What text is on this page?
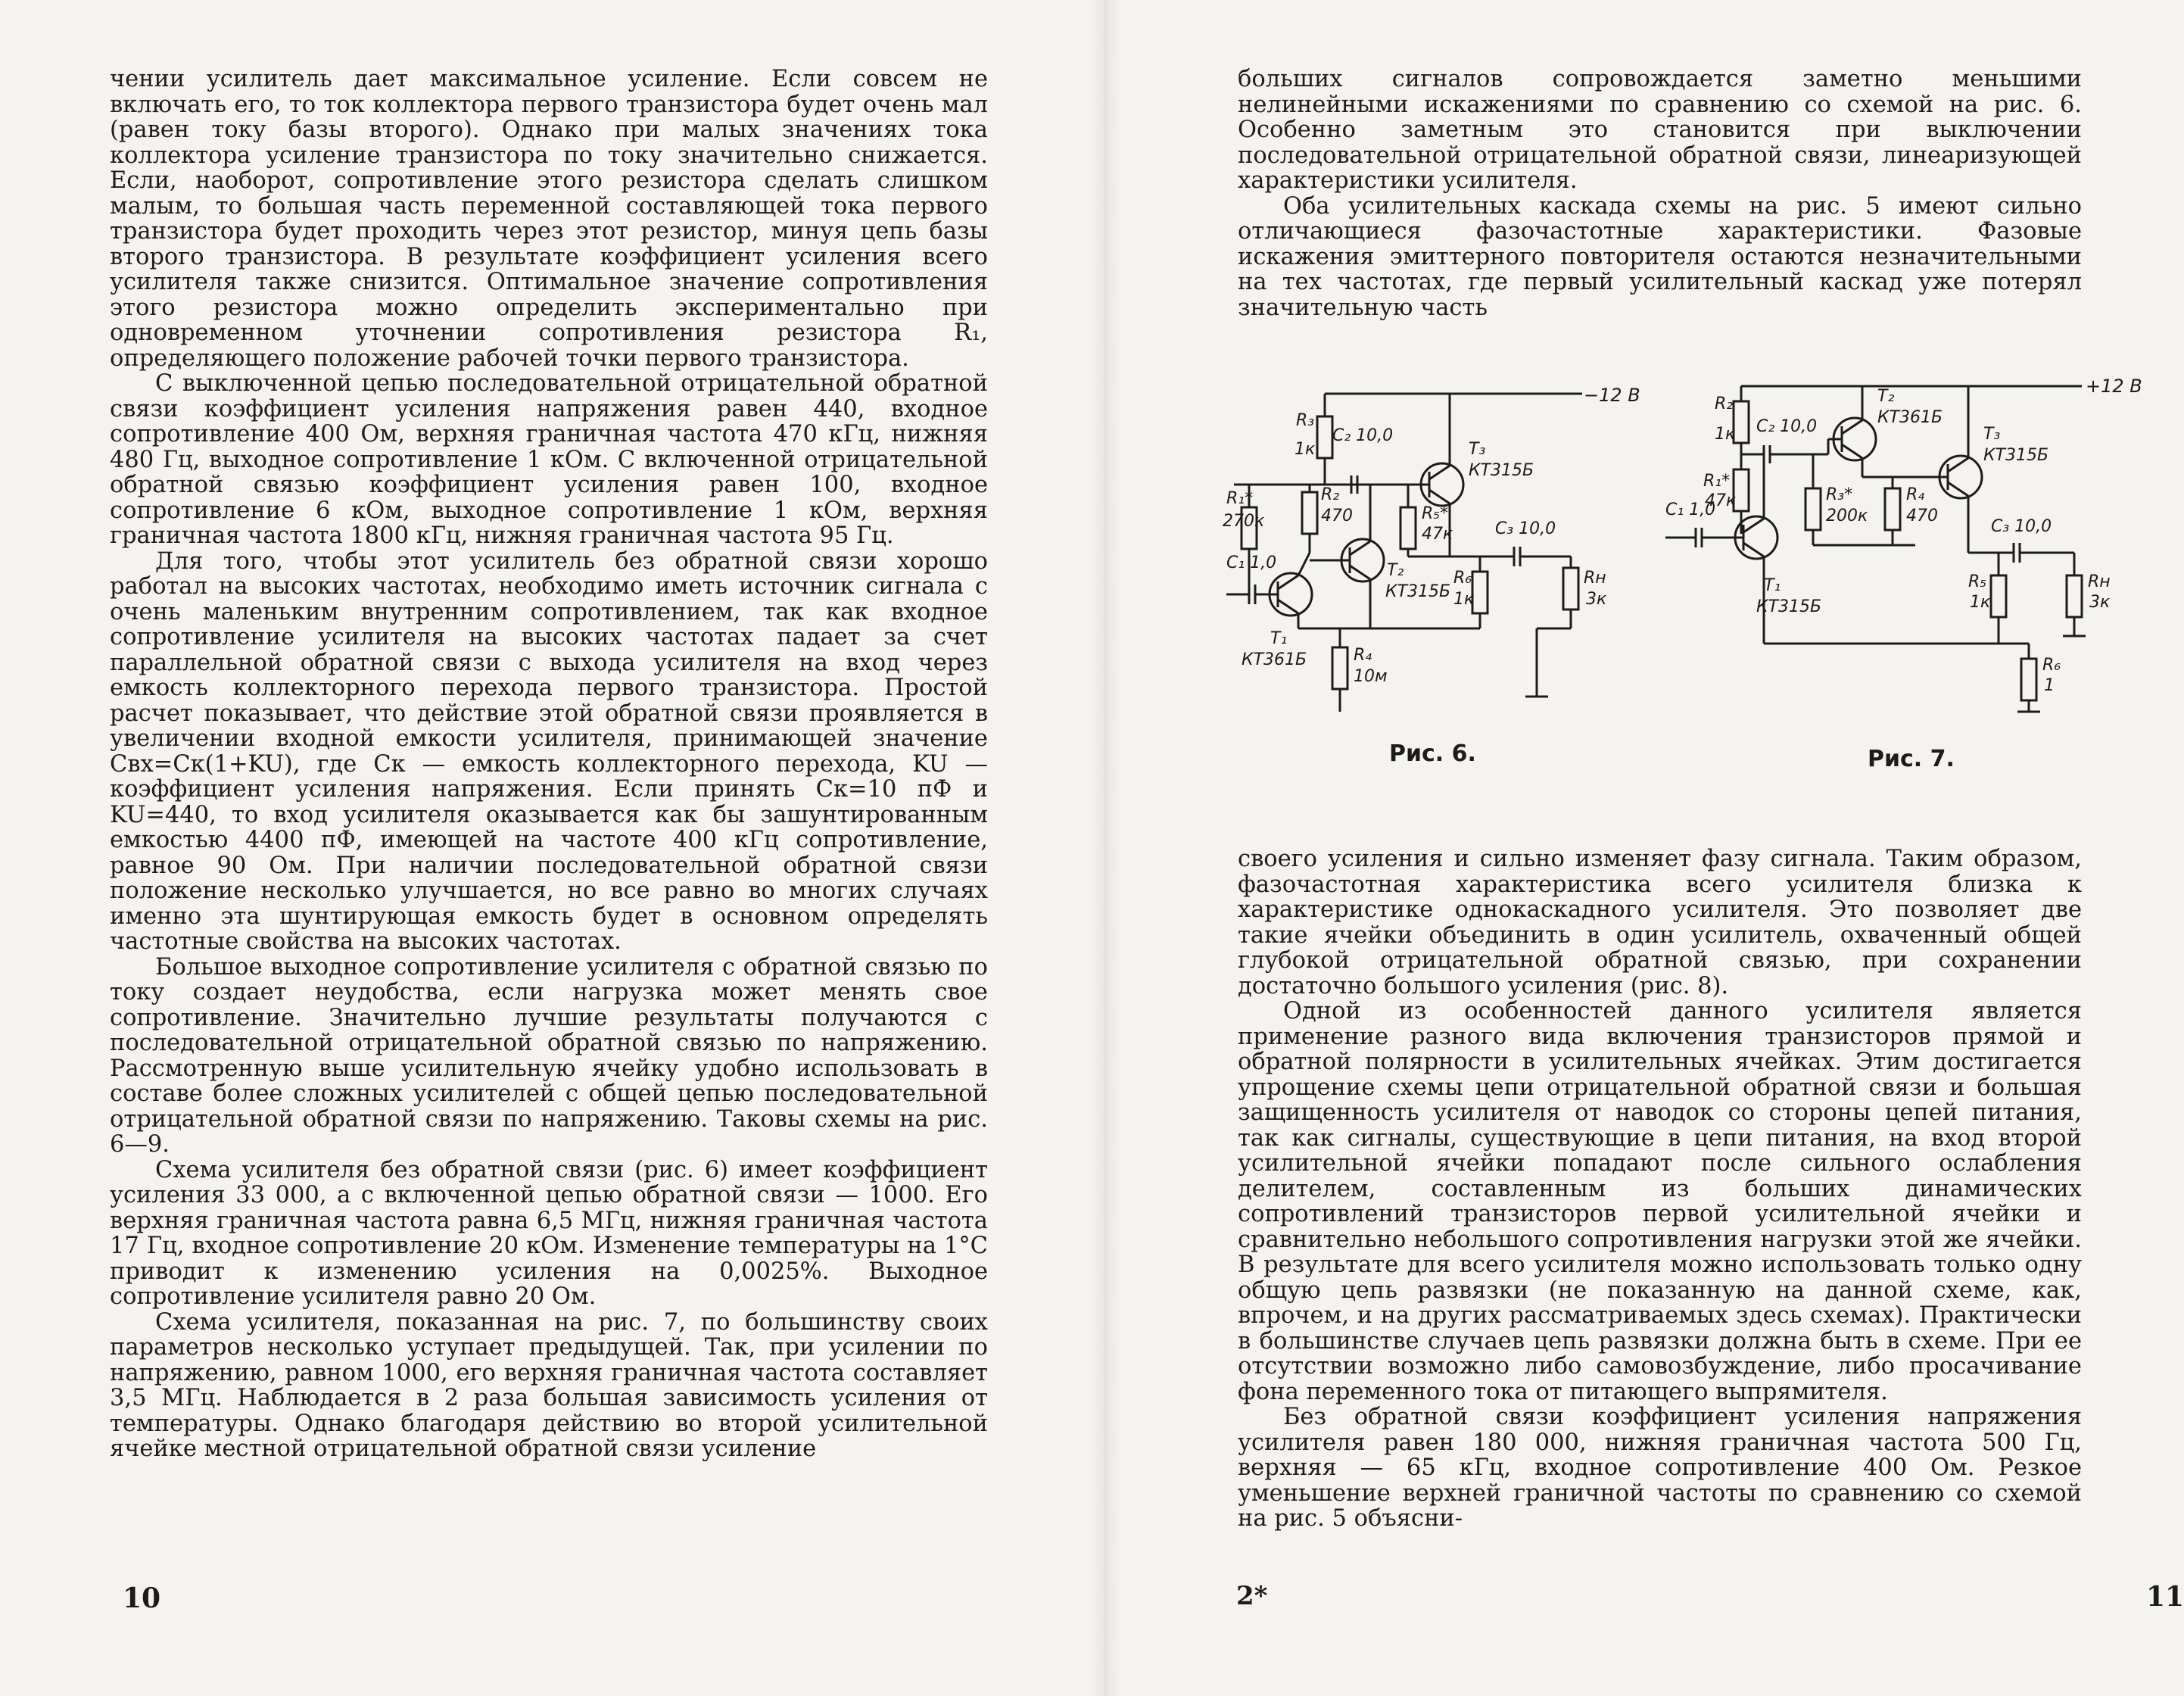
чении усилитель дает максимальное усиление. Если совсем не включать его, то ток коллектора первого транзистора будет очень мал (равен току базы второго). Однако при малых значениях тока коллектора усиление транзистора по току значительно снижается. Если, наоборот, сопротивление этого резистора сделать слишком малым, то большая часть переменной составляющей тока первого транзистора будет проходить через этот резистор, минуя цепь базы второго транзистора. В результате коэффициент усиления всего усилителя также снизится. Оптимальное значение сопротивления этого резистора можно определить экспериментально при одновременном уточнении сопротивления резистора R₁, определяющего положение рабочей точки первого транзистора.

С выключенной цепью последовательной отрицательной обратной связи коэффициент усиления напряжения равен 440, входное сопротивление 400 Ом, верхняя граничная частота 470 кГц, нижняя 480 Гц, выходное сопротивление 1 кОм. С включенной отрицательной обратной связью коэффициент усиления равен 100, входное сопротивление 6 кОм, выходное сопротивление 1 кОм, верхняя граничная частота 1800 кГц, нижняя граничная частота 95 Гц.

Для того, чтобы этот усилитель без обратной связи хорошо работал на высоких частотах, необходимо иметь источник сигнала с очень маленьким внутренним сопротивлением, так как входное сопротивление усилителя на высоких частотах падает за счет параллельной обратной связи с выхода усилителя на вход через емкость коллекторного перехода первого транзистора. Простой расчет показывает, что действие этой обратной связи проявляется в увеличении входной емкости усилителя, принимающей значение Cвх=Cк(1+KU), где Cк — емкость коллекторного перехода, KU — коэффициент усиления напряжения. Если принять Cк=10 пФ и KU=440, то вход усилителя оказывается как бы зашунтированным емкостью 4400 пФ, имеющей на частоте 400 кГц сопротивление, равное 90 Ом. При наличии последовательной обратной связи положение несколько улучшается, но все равно во многих случаях именно эта шунтирующая емкость будет в основном определять частотные свойства на высоких частотах.

Большое выходное сопротивление усилителя с обратной связью по току создает неудобства, если нагрузка может менять свое сопротивление. Значительно лучшие результаты получаются с последовательной отрицательной обратной связью по напряжению. Рассмотренную выше усилительную ячейку удобно использовать в составе более сложных усилителей с общей цепью последовательной отрицательной обратной связи по напряжению. Таковы схемы на рис. 6—9.

Схема усилителя без обратной связи (рис. 6) имеет коэффициент усиления 33 000, а с включенной цепью обратной связи — 1000. Его верхняя граничная частота равна 6,5 МГц, нижняя граничная частота 17 Гц, входное сопротивление 20 кОм. Изменение температуры на 1°С приводит к изменению усиления на 0,0025%. Выходное сопротивление усилителя равно 20 Ом.

Схема усилителя, показанная на рис. 7, по большинству своих параметров несколько уступает предыдущей. Так, при усилении по напряжению, равном 1000, его верхняя граничная частота составляет 3,5 МГц. Наблюдается в 2 раза большая зависимость усиления от температуры. Однако благодаря действию во второй усилительной ячейке местной отрицательной обратной связи усиление

10

больших сигналов сопровождается заметно меньшими нелинейными искажениями по сравнению со схемой на рис. 6. Особенно заметным это становится при выключении последовательной отрицательной обратной связи, линеаризующей характеристики усилителя.

Оба усилительных каскада схемы на рис. 5 имеют сильно отличающиеся фазочастотные характеристики. Фазовые искажения эмиттерного повторителя остаются незначительными на тех частотах, где первый усилительный каскад уже потерял значительную часть

−12 В
R₃
1к
C₂ 10,0
R₁*
270к
R₂
470
T₁
КТ361Б
C₁ 1,0	T₂
КТ315Б
R₄
10м
T₃
КТ315Б
R₅*
47к	C₃ 10,0
R₆
1к
Rн
3к
Рис. 6.
+12 В
R₂
1к C₂ 10,0
R₁*
47к
T₁
КТ315Б
C₁ 1,0
T₂
КТ361Б
R₃*
200к
R₄
470
T₃
КТ315Б
C₃ 10,0
R₅
1к
R₆
1
Rн
3к
Рис. 7.

своего усиления и сильно изменяет фазу сигнала. Таким образом, фазочастотная характеристика всего усилителя близка к характеристике однокаскадного усилителя. Это позволяет две такие ячейки объединить в один усилитель, охваченный общей глубокой отрицательной обратной связью, при сохранении достаточно большого усиления (рис. 8).

Одной из особенностей данного усилителя является применение разного вида включения транзисторов прямой и обратной полярности в усилительных ячейках. Этим достигается упрощение схемы цепи отрицательной обратной связи и большая защищенность усилителя от наводок со стороны цепей питания, так как сигналы, существующие в цепи питания, на вход второй усилительной ячейки попадают после сильного ослабления делителем, составленным из больших динамических сопротивлений транзисторов первой усилительной ячейки и сравнительно небольшого сопротивления нагрузки этой же ячейки. В результате для всего усилителя можно использовать только одну общую цепь развязки (не показанную на данной схеме, как, впрочем, и на других рассматриваемых здесь схемах). Практически в большинстве случаев цепь развязки должна быть в схеме. При ее отсутствии возможно либо самовозбуждение, либо просачивание фона переменного тока от питающего выпрямителя.

Без обратной связи коэффициент усиления напряжения усилителя равен 180 000, нижняя граничная частота 500 Гц, верхняя — 65 кГц, входное сопротивление 400 Ом. Резкое уменьшение верхней граничной частоты по сравнению со схемой на рис. 5 объясни-

2*	11
